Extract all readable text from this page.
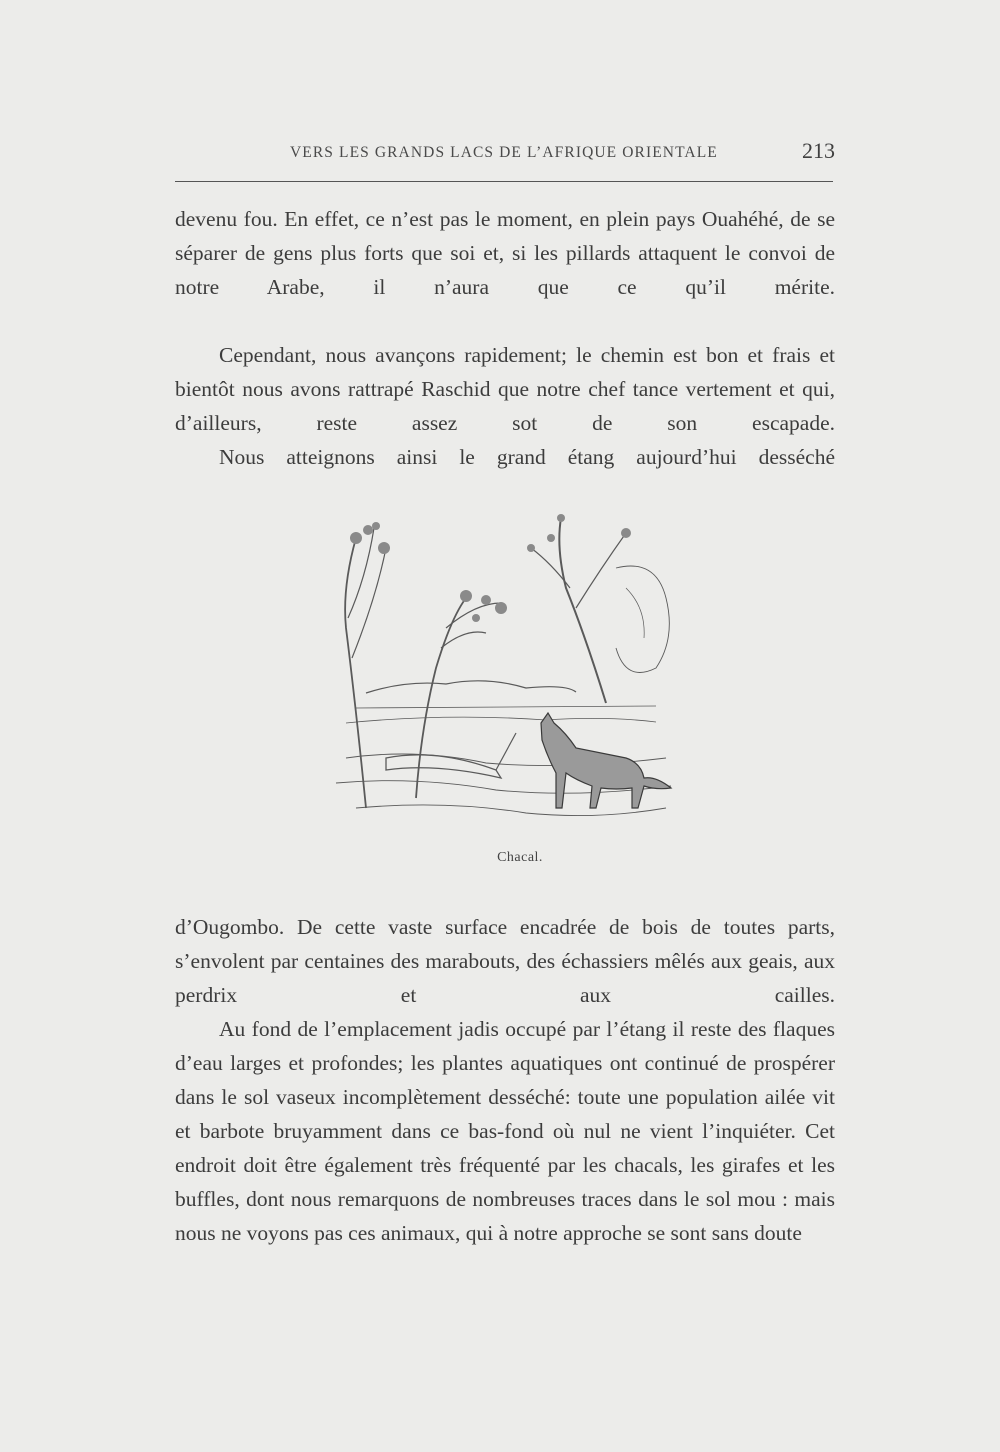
VERS LES GRANDS LACS DE L’AFRIQUE ORIENTALE	213

devenu fou. En effet, ce n’est pas le moment, en plein pays Ouahéhé, de se séparer de gens plus forts que soi et, si les pillards attaquent le convoi de notre Arabe, il n’aura que ce qu’il mérite.

Cependant, nous avançons rapidement; le chemin est bon et frais et bientôt nous avons rattrapé Raschid que notre chef tance vertement et qui, d’ailleurs, reste assez sot de son escapade.

Nous atteignons ainsi le grand étang aujourd’hui desséché

Chacal.

d’Ougombo. De cette vaste surface encadrée de bois de toutes parts, s’envolent par centaines des marabouts, des échassiers mêlés aux geais, aux perdrix et aux cailles.

Au fond de l’emplacement jadis occupé par l’étang il reste des flaques d’eau larges et profondes; les plantes aquatiques ont continué de prospérer dans le sol vaseux incomplètement desséché: toute une population ailée vit et barbote bruyamment dans ce bas-fond où nul ne vient l’inquiéter. Cet endroit doit être également très fréquenté par les chacals, les girafes et les buffles, dont nous remarquons de nombreuses traces dans le sol mou : mais nous ne voyons pas ces animaux, qui à notre approche se sont sans doute
